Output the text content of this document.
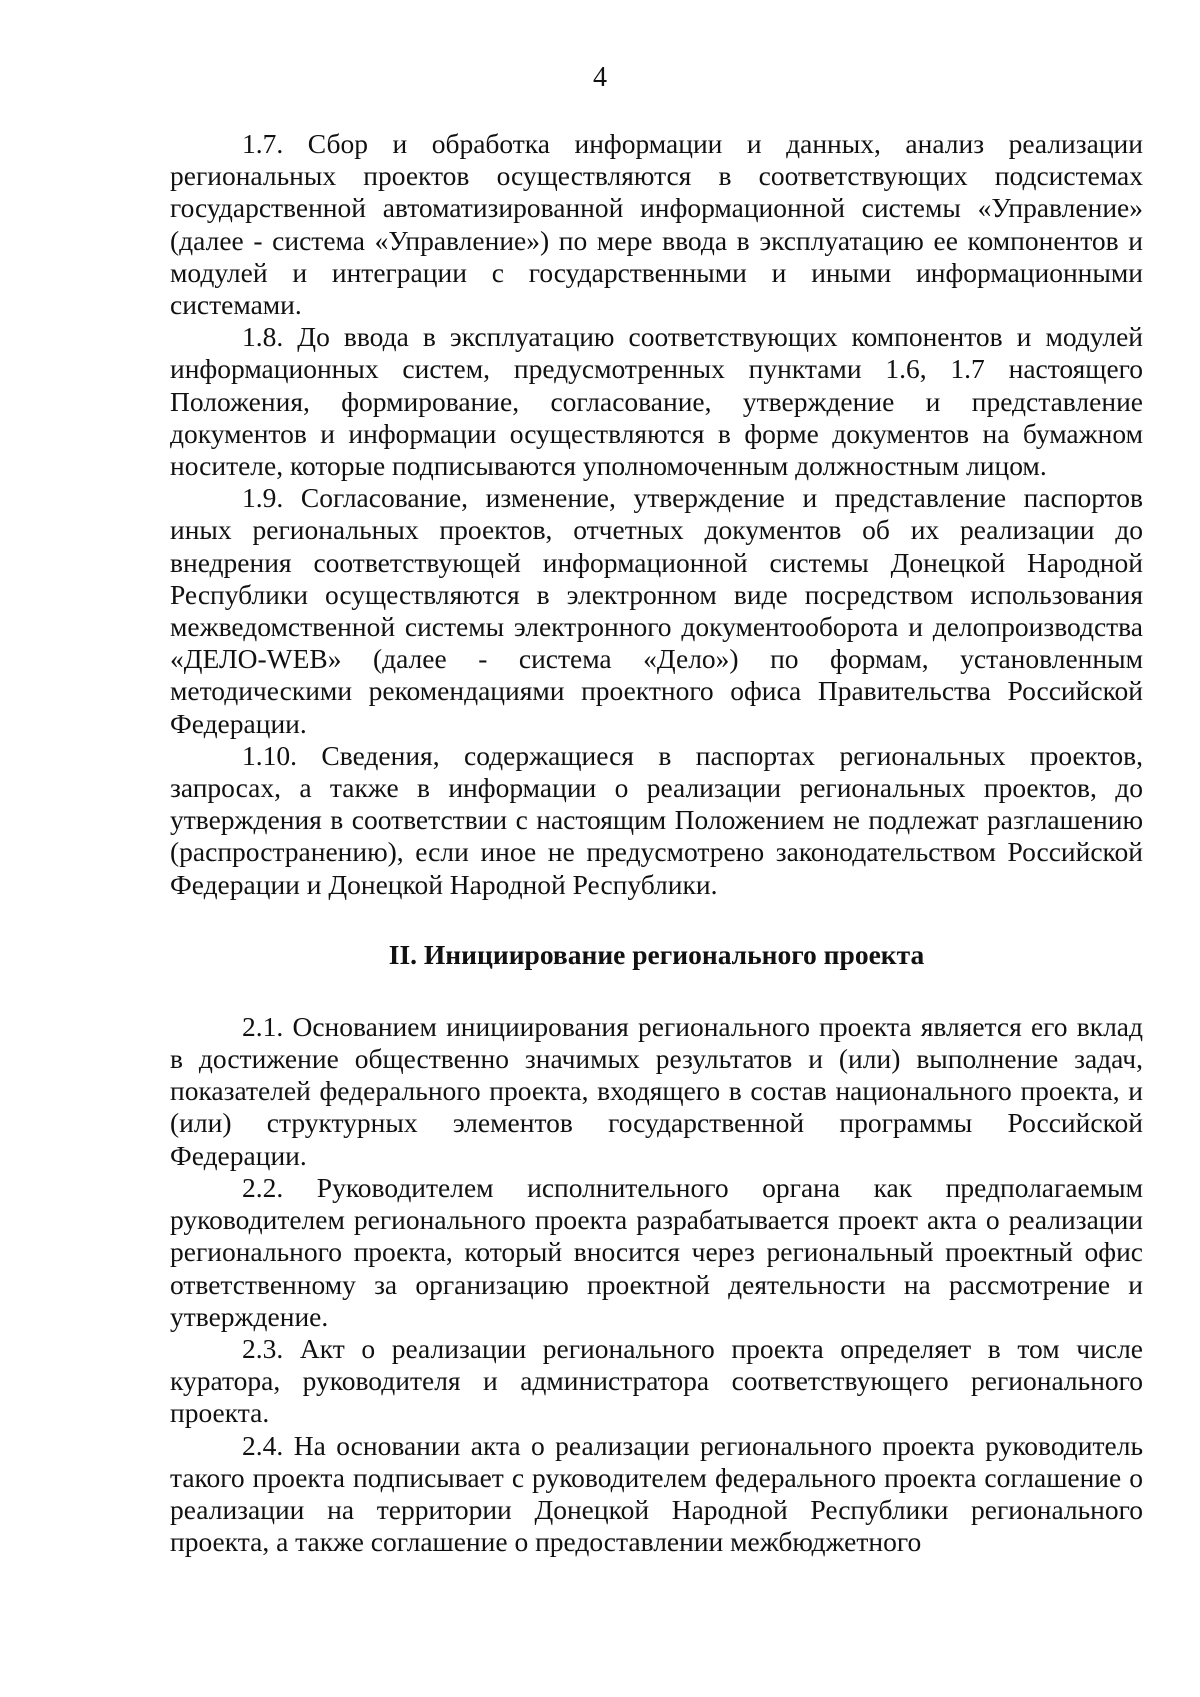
4

1.7. Сбор и обработка информации и данных, анализ реализации региональных проектов осуществляются в соответствующих подсистемах государственной автоматизированной информационной системы «Управление» (далее - система «Управление») по мере ввода в эксплуатацию ее компонентов и модулей и интеграции с государственными и иными информационными системами.

1.8. До ввода в эксплуатацию соответствующих компонентов и модулей информационных систем, предусмотренных пунктами 1.6, 1.7 настоящего Положения, формирование, согласование, утверждение и представление документов и информации осуществляются в форме документов на бумажном носителе, которые подписываются уполномоченным должностным лицом.

1.9. Согласование, изменение, утверждение и представление паспортов иных региональных проектов, отчетных документов об их реализации до внедрения соответствующей информационной системы Донецкой Народной Республики осуществляются в электронном виде посредством использования межведомственной системы электронного документооборота и делопроизводства «ДЕЛО-WEB» (далее - система «Дело») по формам, установленным методическими рекомендациями проектного офиса Правительства Российской Федерации.

1.10. Сведения, содержащиеся в паспортах региональных проектов, запросах, а также в информации о реализации региональных проектов, до утверждения в соответствии с настоящим Положением не подлежат разглашению (распространению), если иное не предусмотрено законодательством Российской Федерации и Донецкой Народной Республики.

II. Инициирование регионального проекта

2.1. Основанием инициирования регионального проекта является его вклад в достижение общественно значимых результатов и (или) выполнение задач, показателей федерального проекта, входящего в состав национального проекта, и (или) структурных элементов государственной программы Российской Федерации.

2.2. Руководителем исполнительного органа как предполагаемым руководителем регионального проекта разрабатывается проект акта о реализации регионального проекта, который вносится через региональный проектный офис ответственному за организацию проектной деятельности на рассмотрение и утверждение.

2.3. Акт о реализации регионального проекта определяет в том числе куратора, руководителя и администратора соответствующего регионального проекта.

2.4. На основании акта о реализации регионального проекта руководитель такого проекта подписывает с руководителем федерального проекта соглашение о реализации на территории Донецкой Народной Республики регионального проекта, а также соглашение о предоставлении межбюджетного
